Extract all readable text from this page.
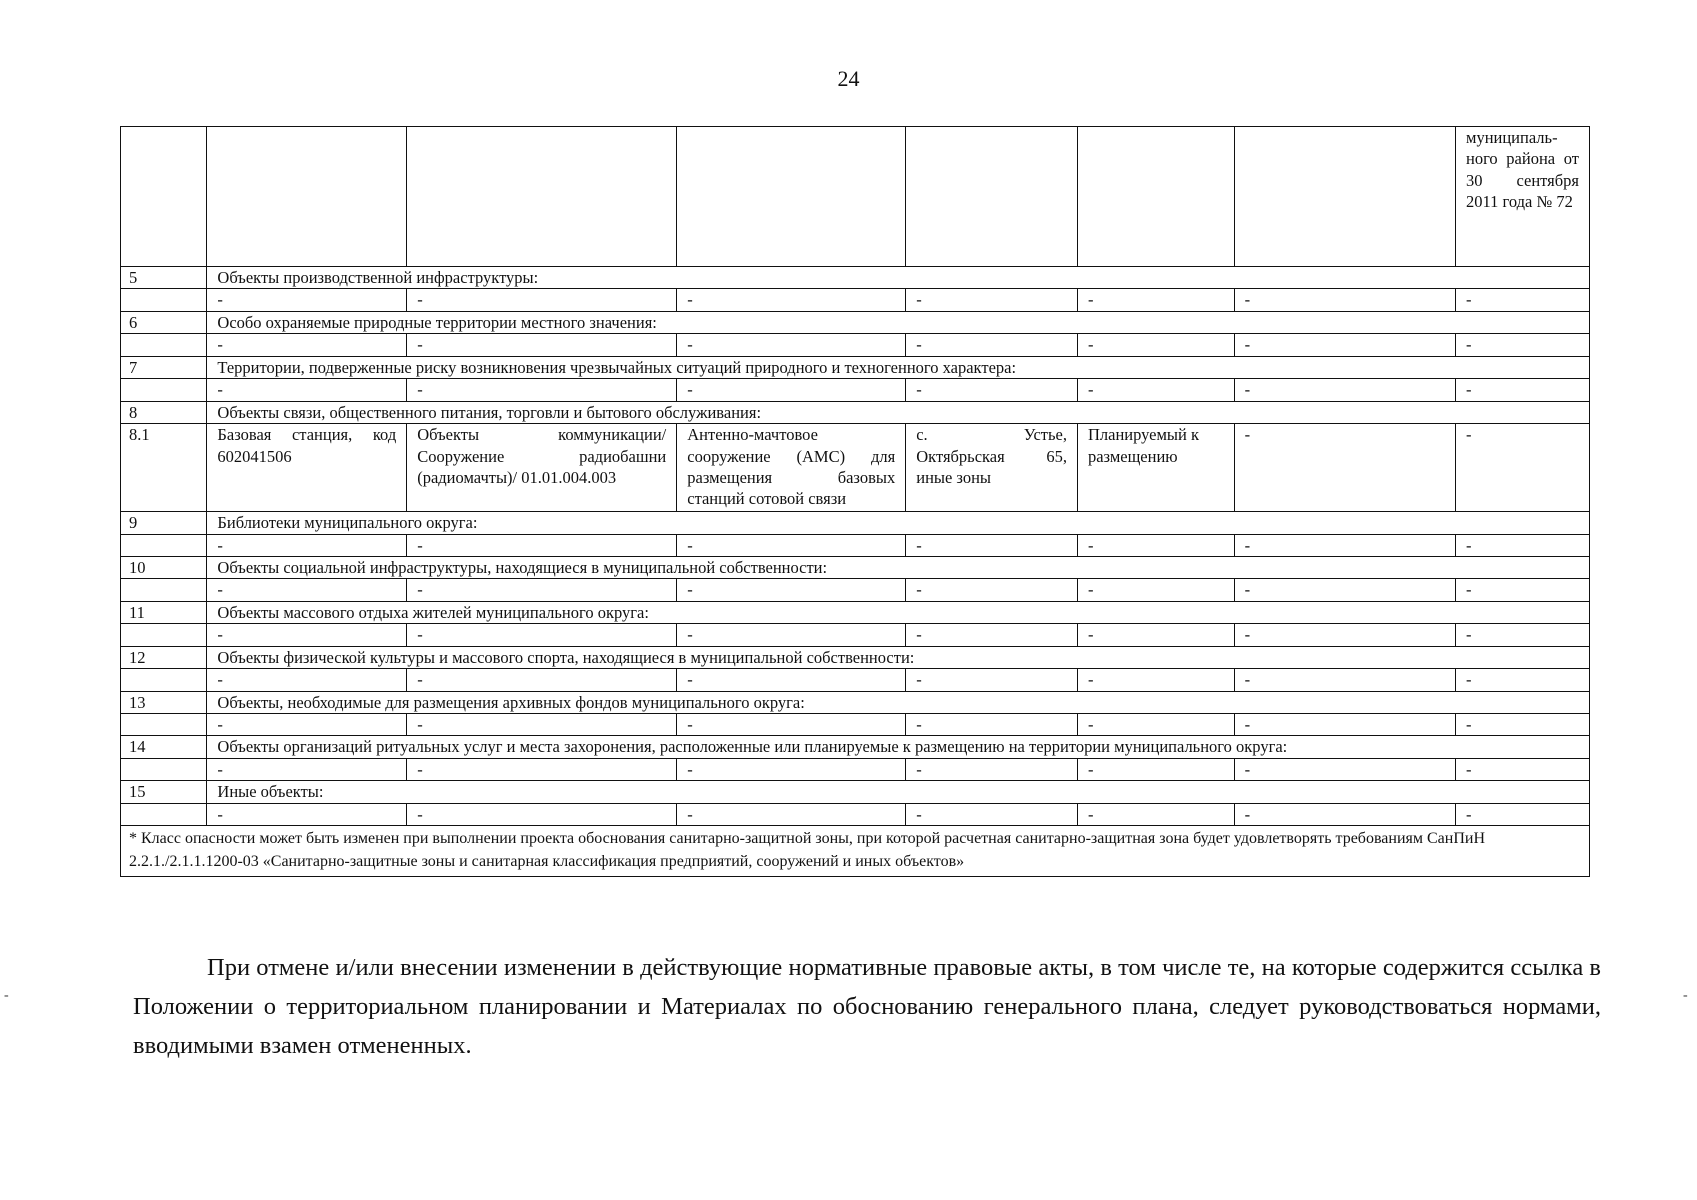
24
							муниципального района от 30 сентября 2011 года № 72
5	Объекты производственной инфраструктуры:						
	-	-	-	-	-	-	-
6	Особо охраняемые природные территории местного значения:						
	-	-	-	-	-	-	-
7	Территории, подверженные риску возникновения чрезвычайных ситуаций природного и техногенного характера:						
	-	-	-	-	-	-	-
8	Объекты связи, общественного питания, торговли и бытового обслуживания:						
8.1	Базовая станция, код 602041506	Объекты коммуникации/ Сооружение радиобашни (радиомачты)/ 01.01.004.003	Антенно-мачтовое сооружение (АМС) для размещения базовых станций сотовой связи	с. Устье, Октябрьская 65, иные зоны	Планируемый к размещению	-	-
9	Библиотеки муниципального округа:						
	-	-	-	-	-	-	-
10	Объекты социальной инфраструктуры, находящиеся в муниципальной собственности:						
	-	-	-	-	-	-	-
11	Объекты массового отдыха жителей муниципального округа:						
	-	-	-	-	-	-	-
12	Объекты физической культуры и массового спорта, находящиеся в муниципальной собственности:						
	-	-	-	-	-	-	-
13	Объекты, необходимые для размещения архивных фондов муниципального округа:						
	-	-	-	-	-	-	-
14	Объекты организаций ритуальных услуг и места захоронения, расположенные или планируемые к размещению на территории муниципального округа:						
	-	-	-	-	-	-	-
15	Иные объекты:						
	-	-	-	-	-	-	-
* Класс опасности может быть изменен при выполнении проекта обоснования санитарно-защитной зоны, при которой расчетная санитарно-защитная зона будет удовлетворять требованиям СанПиН 2.2.1./2.1.1.1200-03 «Санитарно-защитные зоны и санитарная классификация предприятий, сооружений и иных объектов»							
При отмене и/или внесении изменении в действующие нормативные правовые акты, в том числе те, на которые содержится ссылка в Положении о территориальном планировании и Материалах по обоснованию генерального плана, следует руководствоваться нормами, вводимыми взамен отмененных.
-	-
